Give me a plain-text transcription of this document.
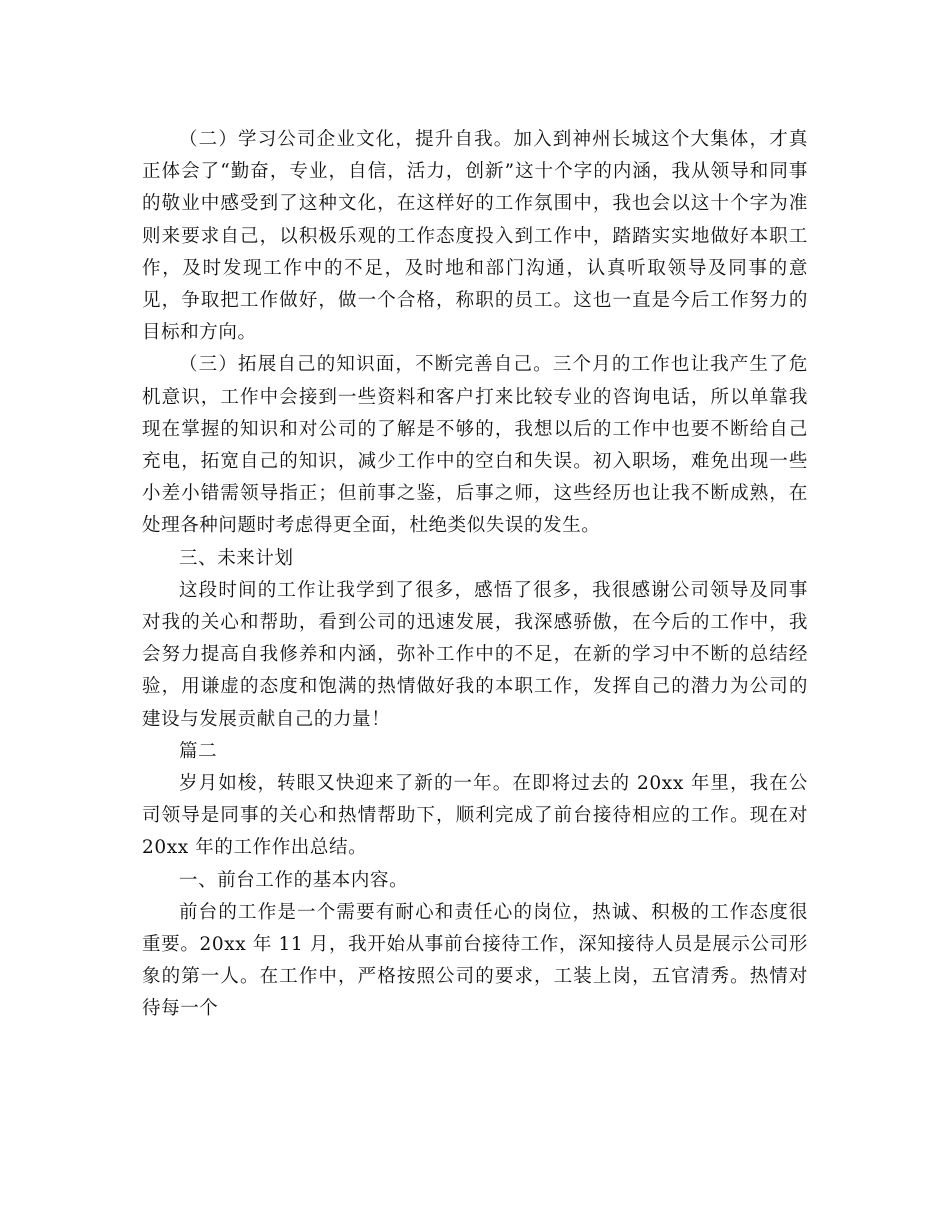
（二）学习公司企业文化，提升自我。加入到神州长城这个大集体，才真正体会了“勤奋，专业，自信，活力，创新”这十个字的内涵，我从领导和同事的敬业中感受到了这种文化，在这样好的工作氛围中，我也会以这十个字为准则来要求自己，以积极乐观的工作态度投入到工作中，踏踏实实地做好本职工作，及时发现工作中的不足，及时地和部门沟通，认真听取领导及同事的意见，争取把工作做好，做一个合格，称职的员工。这也一直是今后工作努力的目标和方向。

（三）拓展自己的知识面，不断完善自己。三个月的工作也让我产生了危机意识，工作中会接到一些资料和客户打来比较专业的咨询电话，所以单靠我现在掌握的知识和对公司的了解是不够的，我想以后的工作中也要不断给自己充电，拓宽自己的知识，减少工作中的空白和失误。初入职场，难免出现一些小差小错需领导指正；但前事之鉴，后事之师，这些经历也让我不断成熟，在处理各种问题时考虑得更全面，杜绝类似失误的发生。

三、未来计划

这段时间的工作让我学到了很多，感悟了很多，我很感谢公司领导及同事对我的关心和帮助，看到公司的迅速发展，我深感骄傲，在今后的工作中，我会努力提高自我修养和内涵，弥补工作中的不足，在新的学习中不断的总结经验，用谦虚的态度和饱满的热情做好我的本职工作，发挥自己的潜力为公司的建设与发展贡献自己的力量！

篇二

岁月如梭，转眼又快迎来了新的一年。在即将过去的 20xx 年里，我在公司领导是同事的关心和热情帮助下，顺利完成了前台接待相应的工作。现在对 20xx 年的工作作出总结。

一、前台工作的基本内容。

前台的工作是一个需要有耐心和责任心的岗位，热诚、积极的工作态度很重要。20xx 年 11 月，我开始从事前台接待工作，深知接待人员是展示公司形象的第一人。在工作中，严格按照公司的要求，工装上岗，五官清秀。热情对待每一个
